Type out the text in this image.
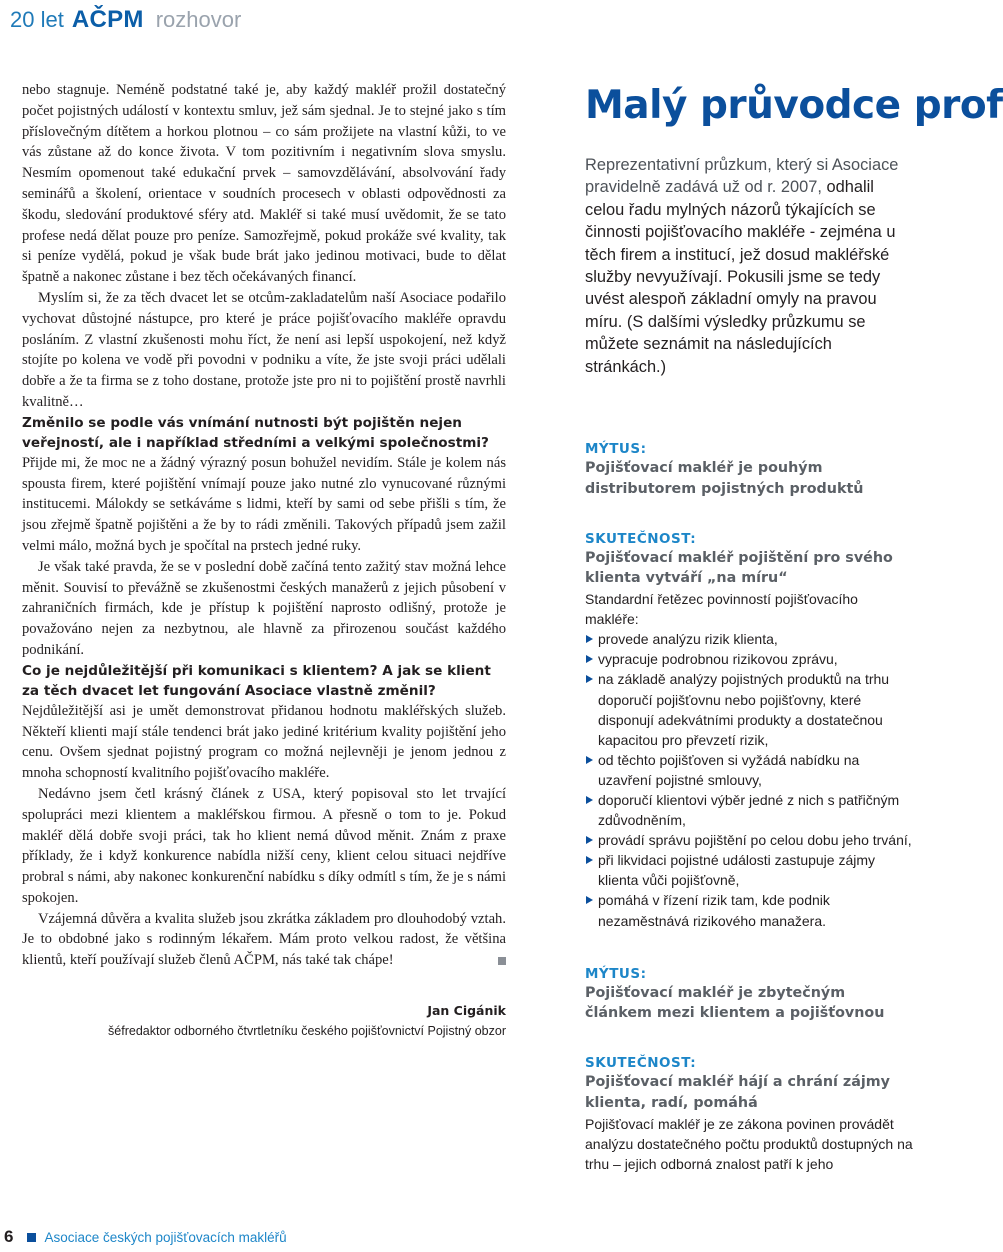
20 let AČPM rozhovor

nebo stagnuje. Neméně podstatné také je, aby každý makléř prožil dostatečný počet pojistných událostí v kontextu smluv, jež sám sjednal. Je to stejné jako s tím příslovečným dítětem a horkou plotnou – co sám prožijete na vlastní kůži, to ve vás zůstane až do konce života. V tom pozitivním i negativním slova smyslu. Nesmím opomenout také edukační prvek – samovzdělávání, absolvování řady seminářů a školení, orientace v soudních procesech v oblasti odpovědnosti za škodu, sledování produktové sféry atd. Makléř si také musí uvědomit, že se tato profese nedá dělat pouze pro peníze. Samozřejmě, pokud prokáže své kvality, tak si peníze vydělá, pokud je však bude brát jako jedinou motivaci, bude to dělat špatně a nakonec zůstane i bez těch očekávaných financí.

Myslím si, že za těch dvacet let se otcům-zakladatelům naší Asociace podařilo vychovat důstojné nástupce, pro které je práce pojišťovacího makléře opravdu posláním. Z vlastní zkušenosti mohu říct, že není asi lepší uspokojení, než když stojíte po kolena ve vodě při povodni v podniku a víte, že jste svoji práci udělali dobře a že ta firma se z toho dostane, protože jste pro ni to pojištění prostě navrhli kvalitně…

Změnilo se podle vás vnímání nutnosti být pojištěn nejen veřejností, ale i například středními a velkými společnostmi?

Přijde mi, že moc ne a žádný výrazný posun bohužel nevidím. Stále je kolem nás spousta firem, které pojištění vnímají pouze jako nutné zlo vynucované různými institucemi. Málokdy se setkáváme s lidmi, kteří by sami od sebe přišli s tím, že jsou zřejmě špatně pojištěni a že by to rádi změnili. Takových případů jsem zažil velmi málo, možná bych je spočítal na prstech jedné ruky.

Je však také pravda, že se v poslední době začíná tento zažitý stav možná lehce měnit. Souvisí to převážně se zkušenostmi českých manažerů z jejich působení v zahraničních firmách, kde je přístup k pojištění naprosto odlišný, protože je považováno nejen za nezbytnou, ale hlavně za přirozenou součást každého podnikání.

Co je nejdůležitější při komunikaci s klientem? A jak se klient za těch dvacet let fungování Asociace vlastně změnil?

Nejdůležitější asi je umět demonstrovat přidanou hodnotu makléřských služeb. Někteří klienti mají stále tendenci brát jako jediné kritérium kvality pojištění jeho cenu. Ovšem sjednat pojistný program co možná nejlevněji je jenom jednou z mnoha schopností kvalitního pojišťovacího makléře.

Nedávno jsem četl krásný článek z USA, který popisoval sto let trvající spolupráci mezi klientem a makléřskou firmou. A přesně o tom to je. Pokud makléř dělá dobře svoji práci, tak ho klient nemá důvod měnit. Znám z praxe příklady, že i když konkurence nabídla nižší ceny, klient celou situaci nejdříve probral s námi, aby nakonec konkurenční nabídku s díky odmítl s tím, že je s námi spokojen.

Vzájemná důvěra a kvalita služeb jsou zkrátka základem pro dlouhodobý vztah. Je to obdobné jako s rodinným lékařem. Mám proto velkou radost, že většina klientů, kteří používají služeb členů AČPM, nás také tak chápe!

Jan Cigánik
šéfredaktor odborného čtvrtletníku českého pojišťovnictví Pojistný obzor
Malý průvodce prof
Reprezentativní průzkum, který si Asociace pravidelně zadává už od r. 2007, odhalil celou řadu mylných názorů týkajících se činnosti pojišťovacího makléře - zejména u těch firem a institucí, jež dosud makléřské služby nevyužívají. Pokusili jsme se tedy uvést alespoň základní omyly na pravou míru. (S dalšími výsledky průzkumu se můžete seznámit na následujících stránkách.)
MÝTUS:
Pojišťovací makléř je pouhým distributorem pojistných produktů
SKUTEČNOST:
Pojišťovací makléř pojištění pro svého klienta vytváří „na míru“
Standardní řetězec povinností pojišťovacího makléře:
provede analýzu rizik klienta,
vypracuje podrobnou rizikovou zprávu,
na základě analýzy pojistných produktů na trhu doporučí pojišťovnu nebo pojišťovny, které disponují adekvátními produkty a dostatečnou kapacitou pro převzetí rizik,
od těchto pojišťoven si vyžádá nabídku na uzavření pojistné smlouvy,
doporučí klientovi výběr jedné z nich s patřičným zdůvodněním,
provádí správu pojištění po celou dobu jeho trvání,
při likvidaci pojistné události zastupuje zájmy klienta vůči pojišťovně,
pomáhá v řízení rizik tam, kde podnik nezaměstnává rizikového manažera.
MÝTUS:
Pojišťovací makléř je zbytečným článkem mezi klientem a pojišťovnou
SKUTEČNOST:
Pojišťovací makléř hájí a chrání zájmy klienta, radí, pomáhá
Pojišťovací makléř je ze zákona povinen provádět analýzu dostatečného počtu produktů dostupných na trhu – jejich odborná znalost patří k jeho
6 Asociace českých pojišťovacích makléřů
